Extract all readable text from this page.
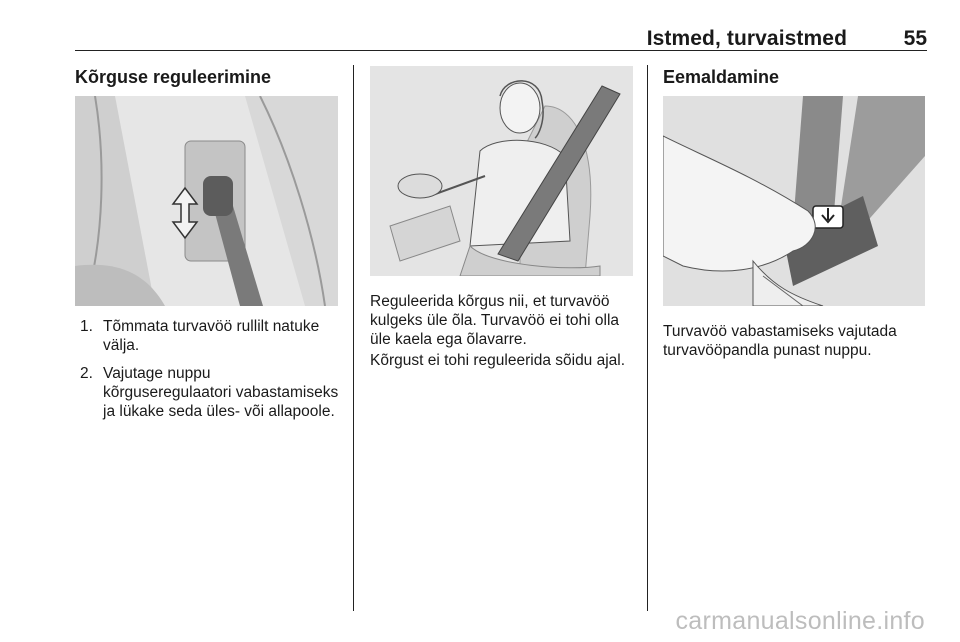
Istmed, turvaistmed	55
Kõrguse reguleerimine
1. Tõmmata turvavöö rullilt natuke välja.
2. Vajutage nuppu kõrguseregulaatori vabastamiseks ja lükake seda üles- või allapoole.

Reguleerida kõrgus nii, et turvavöö kulgeks üle õla. Turvavöö ei tohi olla üle kaela ega õlavarre.

Kõrgust ei tohi reguleerida sõidu ajal.

Eemaldamine

Turvavöö vabastamiseks vajutada turvavööpandla punast nuppu.

carmanualsonline.info
